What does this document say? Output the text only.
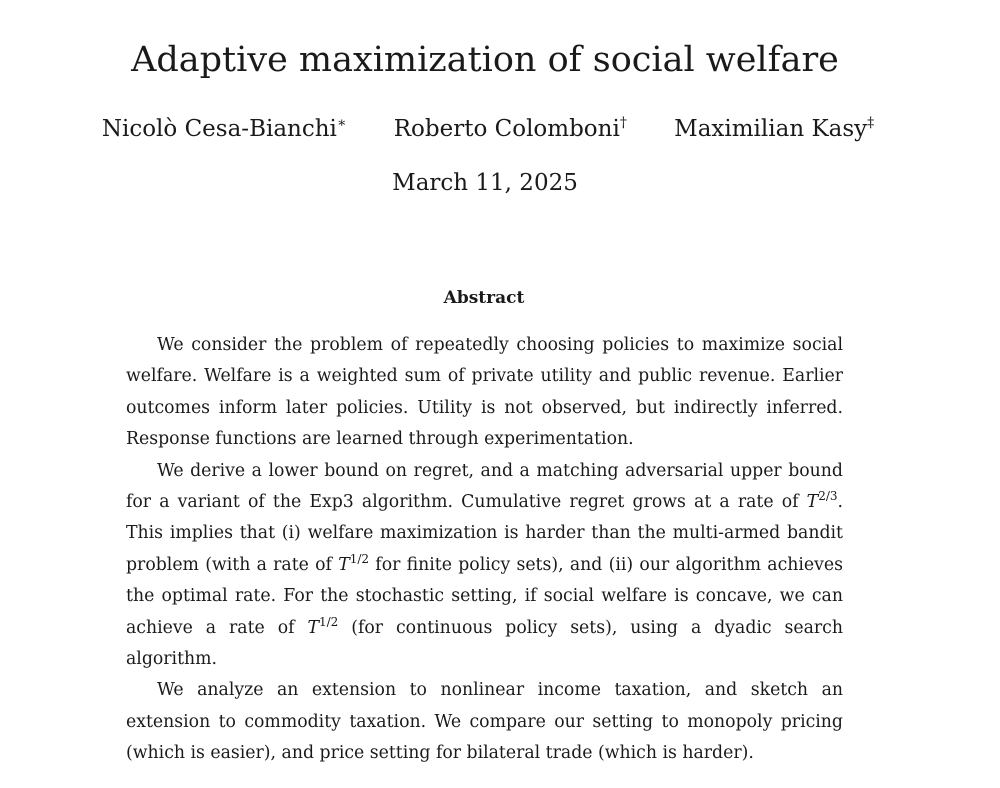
Adaptive maximization of social welfare
Nicolò Cesa-Bianchi∗ Roberto Colomboni† Maximilian Kasy‡
March 11, 2025
Abstract

We consider the problem of repeatedly choosing policies to maximize social welfare. Welfare is a weighted sum of private utility and public revenue. Earlier outcomes inform later policies. Utility is not observed, but indirectly inferred. Response functions are learned through experimentation.

We derive a lower bound on regret, and a matching adversarial upper bound for a variant of the Exp3 algorithm. Cumulative regret grows at a rate of $T^{2/3}$. This implies that (i) welfare maximization is harder than the multi-armed bandit problem (with a rate of $T^{1/2}$ for finite policy sets), and (ii) our algorithm achieves the optimal rate. For the stochastic setting, if social welfare is concave, we can achieve a rate of $T^{1/2}$ (for continuous policy sets), using a dyadic search algorithm.

We analyze an extension to nonlinear income taxation, and sketch an extension to commodity taxation. We compare our setting to monopoly pricing (which is easier), and price setting for bilateral trade (which is harder).
